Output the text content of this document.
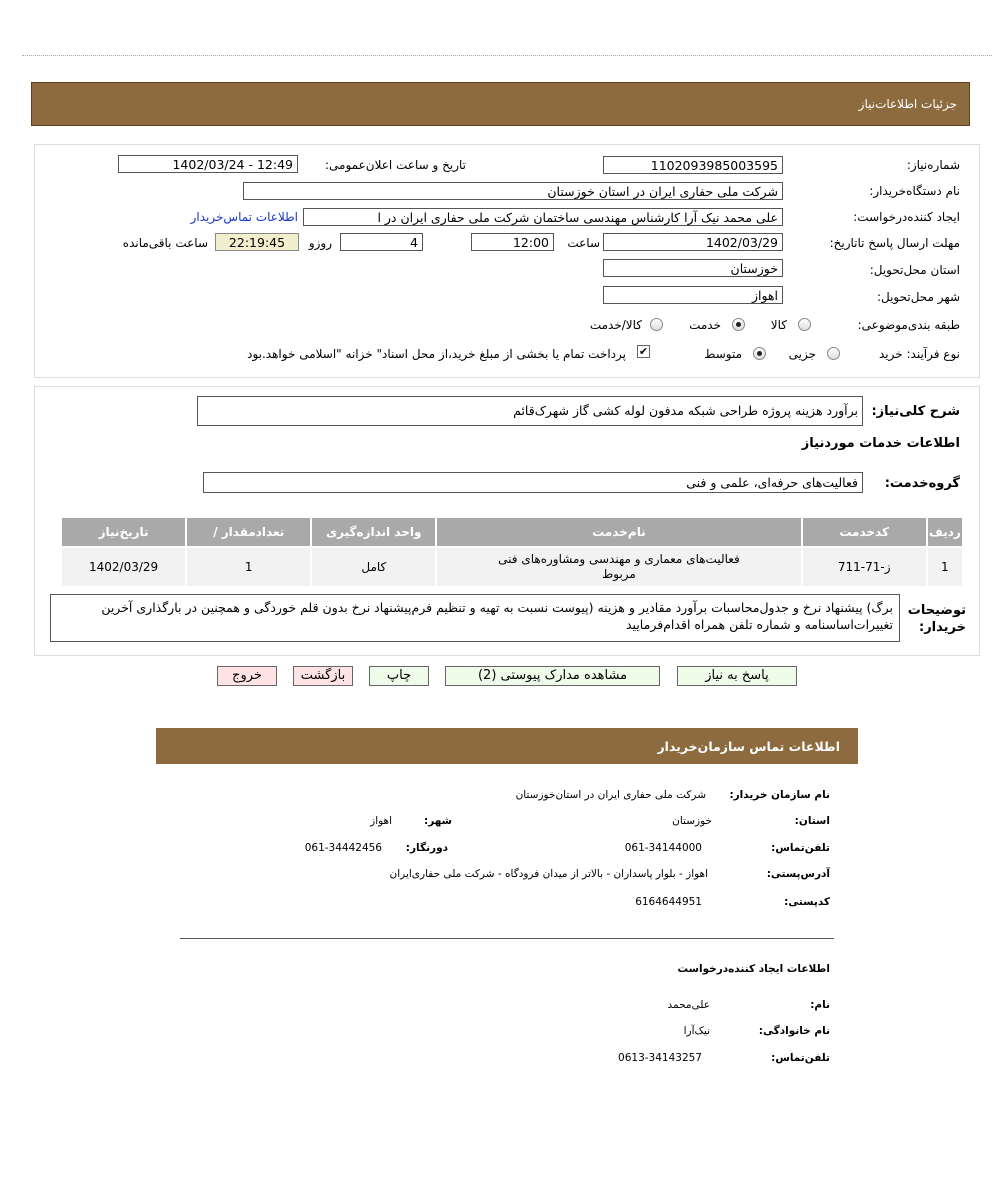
جزئیات اطلاعات‌نیاز
شماره‌نیاز:
1102093985003595
تاریخ و ساعت اعلان‌عمومی:
1402/03/24 - 12:49
نام دستگاه‌خریدار:
شرکت ملی حفاری ایران در استان خوزستان
ایجاد کننده‌درخواست:
علی محمد نیک آرا کارشناس مهندسی ساختمان شرکت ملی حفاری ایران در ا
اطلاعات تماس‌خریدار
مهلت ارسال پاسخ تا‌تاریخ:
1402/03/29
ساعت
12:00
4
روزو
22:19:45
ساعت باقی‌مانده
استان محل‌تحویل:
خوزستان
شهر محل‌تحویل:
اهواز
طبقه بندی‌موضوعی:
کالا
خدمت
کالا/خدمت
نوع فرآیند: خرید
جزیی
متوسط
✔
پرداخت تمام یا بخشی از مبلغ خرید،از محل اسناد" خزانه "اسلامی خواهد.بود
شرح کلی‌نیاز:
برآورد هزینه پروژه طراحی شبکه مدفون لوله کشی گاز شهرک‌قائم
اطلاعات خدمات موردنیاز
گروه‌خدمت:
فعالیت‌های حرفه‌ای، علمی و فنی
ردیف	کدخدمت	نام‌خدمت	واحد اندازه‌گیری	تعداد‌مقدار /	تاریخ‌نیاز
1	ز-71-711	فعالیت‌های معماری و مهندسی و‌مشاوره‌های فنی مربوط	کامل	1	1402/03/29
توضیحات خریدار:
برگ) پیشنهاد نرخ و جدول‌محاسبات برآورد مقادیر و هزینه (پیوست نسبت به تهیه و تنظیم فرم‌پیشنهاد نرخ بدون قلم خوردگی و همچنین در بارگذاری آخرین تغییرات‌اساسنامه و شماره تلفن همراه اقدام‌فرمایید
پاسخ به نیاز
مشاهده مدارک پیوستی (2)
چاپ
بازگشت
خروج
اطلاعات تماس سازمان‌خریدار
نام سازمان‌ خریدار:
شرکت ملی حفاری ایران در استان‌خوزستان
استان:
خوزستان
شهر:
اهواز
تلفن‌تماس:
061-34144000
دورنگار:
061-34442456
آدرس‌پستی:
اهواز - بلوار پاسداران - بالاتر از میدان فرودگاه - شرکت ملی حفاری‌ایران
کد‌پستی:
6164644951
اطلاعات ایجاد کننده‌درخواست
نام:
علی‌محمد
نام خانوادگی:
نیک‌آرا
تلفن‌تماس:
0613-34143257
